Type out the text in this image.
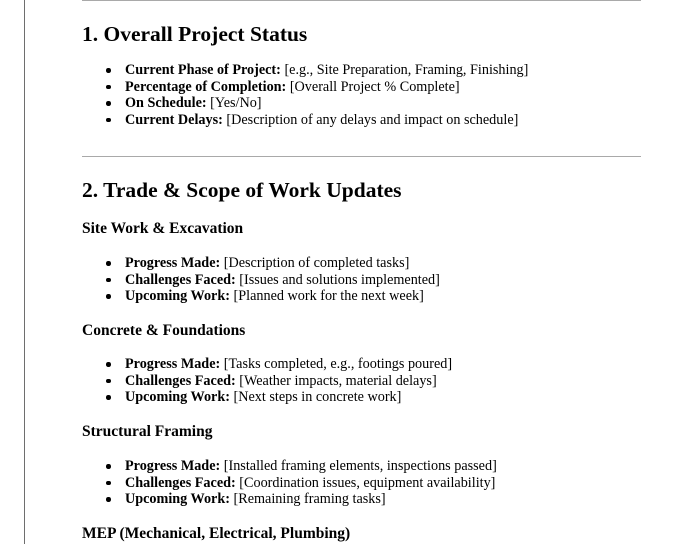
1. Overall Project Status
Current Phase of Project: [e.g., Site Preparation, Framing, Finishing]
Percentage of Completion: [Overall Project % Complete]
On Schedule: [Yes/No]
Current Delays: [Description of any delays and impact on schedule]
2. Trade & Scope of Work Updates
Site Work & Excavation
Progress Made: [Description of completed tasks]
Challenges Faced: [Issues and solutions implemented]
Upcoming Work: [Planned work for the next week]
Concrete & Foundations
Progress Made: [Tasks completed, e.g., footings poured]
Challenges Faced: [Weather impacts, material delays]
Upcoming Work: [Next steps in concrete work]
Structural Framing
Progress Made: [Installed framing elements, inspections passed]
Challenges Faced: [Coordination issues, equipment availability]
Upcoming Work: [Remaining framing tasks]
MEP (Mechanical, Electrical, Plumbing)
